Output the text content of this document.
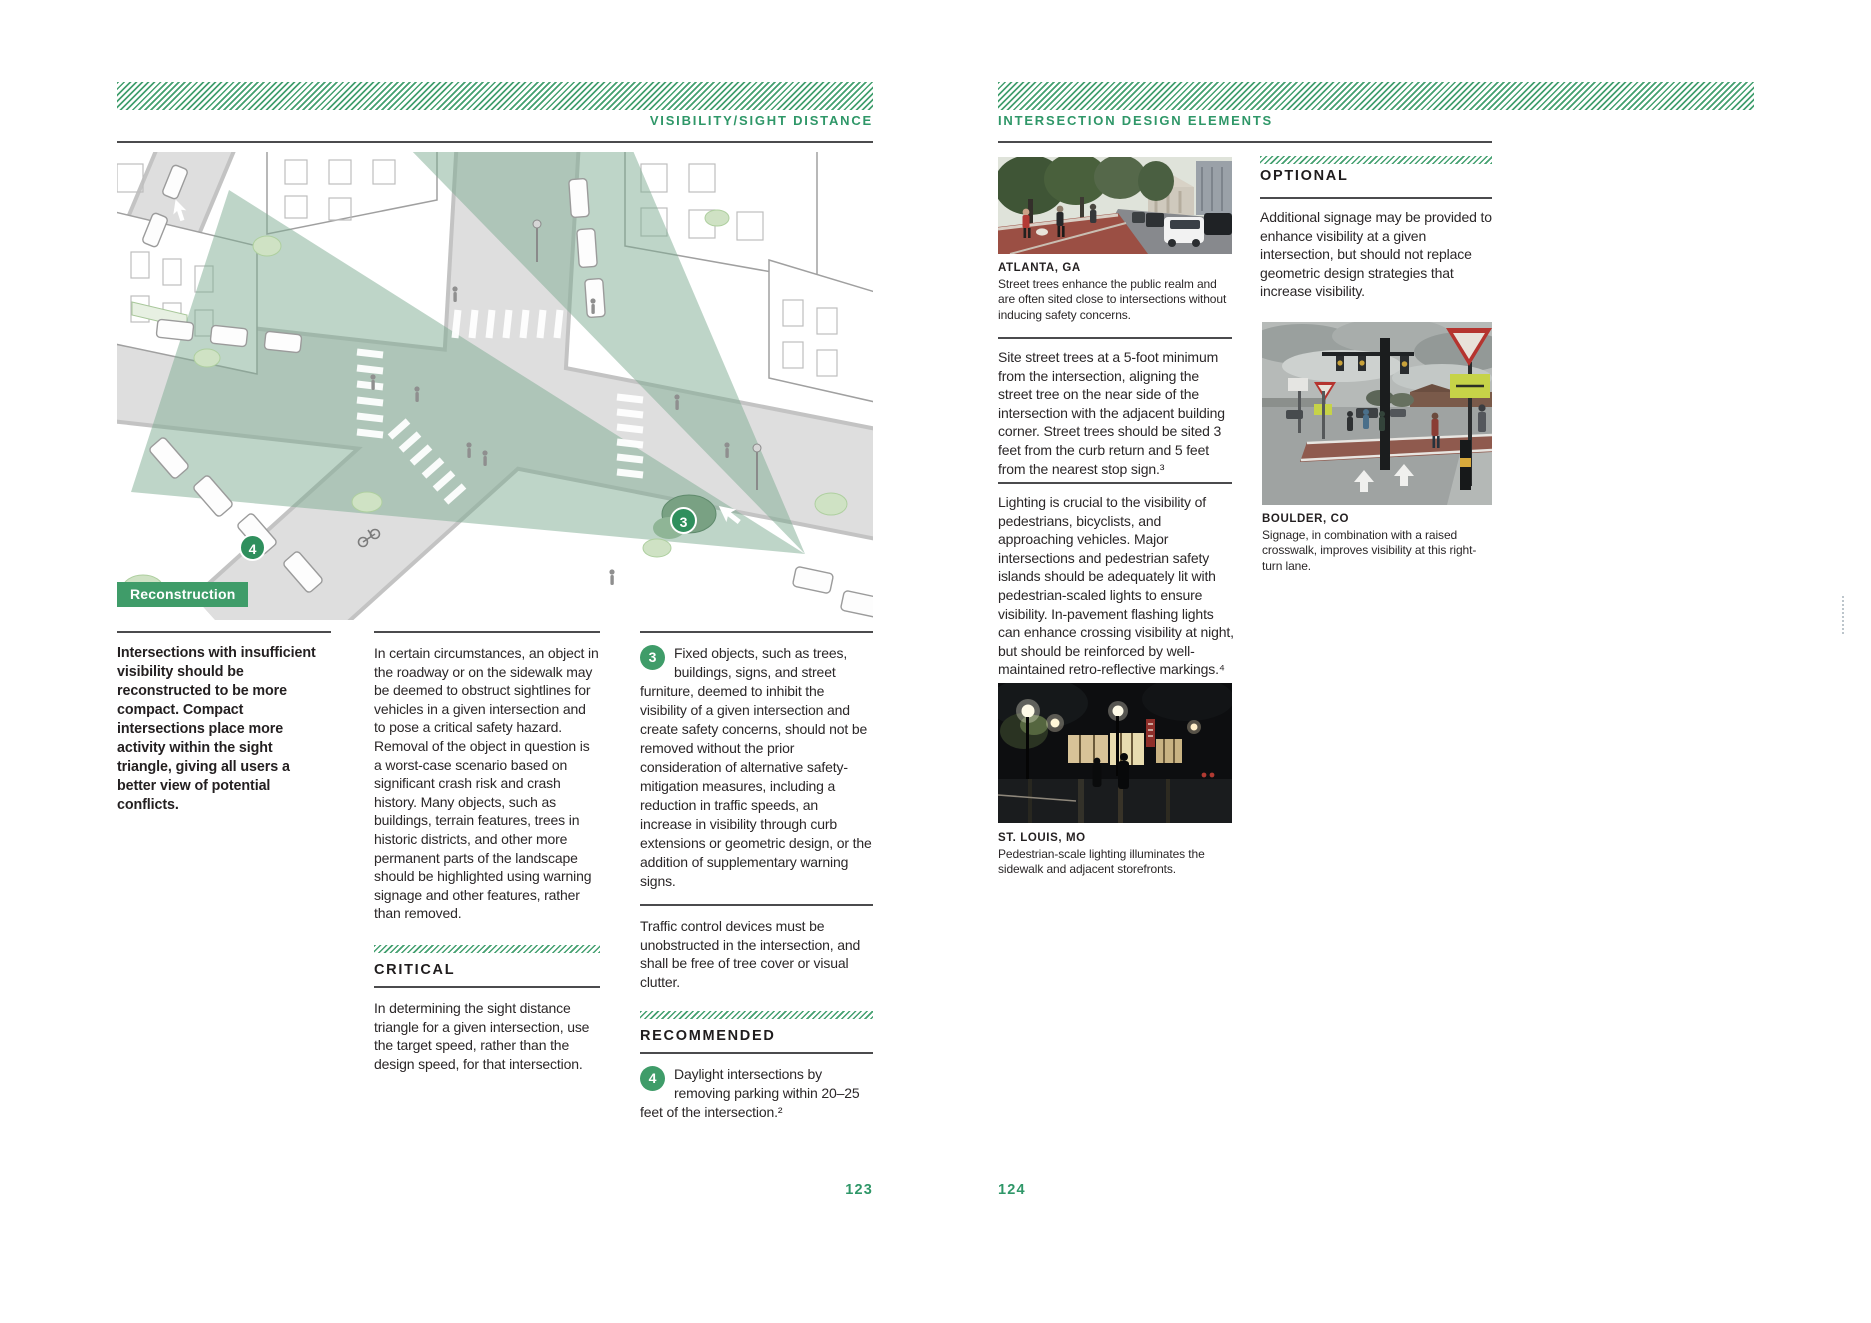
VISIBILITY/SIGHT DISTANCE
Reconstruction
3
4
Intersections with insufficient visibility should be reconstructed to be more compact. Compact intersections place more activity within the sight triangle, giving all users a better view of potential conflicts.

In certain circumstances, an object in the roadway or on the sidewalk may be deemed to obstruct sightlines for vehicles in a given intersection and to pose a critical safety hazard. Removal of the object in question is a worst-case scenario based on significant crash risk and crash history. Many objects, such as buildings, terrain features, trees in historic districts, and other more permanent parts of the landscape should be highlighted using warning signage and other features, rather than removed.

CRITICAL

In determining the sight distance triangle for a given intersection, use the target speed, rather than the design speed, for that intersection.

3	Fixed objects, such as trees, buildings, signs, and street furniture, deemed to inhibit the visibility of a given intersection and create safety concerns, should not be removed without the prior consideration of alternative safety-mitigation measures, including a reduction in traffic speeds, an increase in visibility through curb extensions or geometric design, or the addition of supplementary warning signs.

Traffic control devices must be unobstructed in the intersection, and shall be free of tree cover or visual clutter.

RECOMMENDED
4	Daylight intersections by removing parking within 20–25 feet of the intersection.²
123
INTERSECTION DESIGN ELEMENTS
ATLANTA, GA
Street trees enhance the public realm and are often sited close to intersections without inducing safety concerns.

Site street trees at a 5-foot minimum from the intersection, aligning the street tree on the near side of the intersection with the adjacent building corner. Street trees should be sited 3 feet from the curb return and 5 feet from the nearest stop sign.³

Lighting is crucial to the visibility of pedestrians, bicyclists, and approaching vehicles. Major intersections and pedestrian safety islands should be adequately lit with pedestrian-scaled lights to ensure visibility. In-pavement flashing lights can enhance crossing visibility at night, but should be reinforced by well-maintained retro-reflective markings.⁴

ST. LOUIS, MO
Pedestrian-scale lighting illuminates the sidewalk and adjacent storefronts.
OPTIONAL

Additional signage may be provided to enhance visibility at a given intersection, but should not replace geometric design strategies that increase visibility.

BOULDER, CO
Signage, in combination with a raised crosswalk, improves visibility at this right-turn lane.
124
